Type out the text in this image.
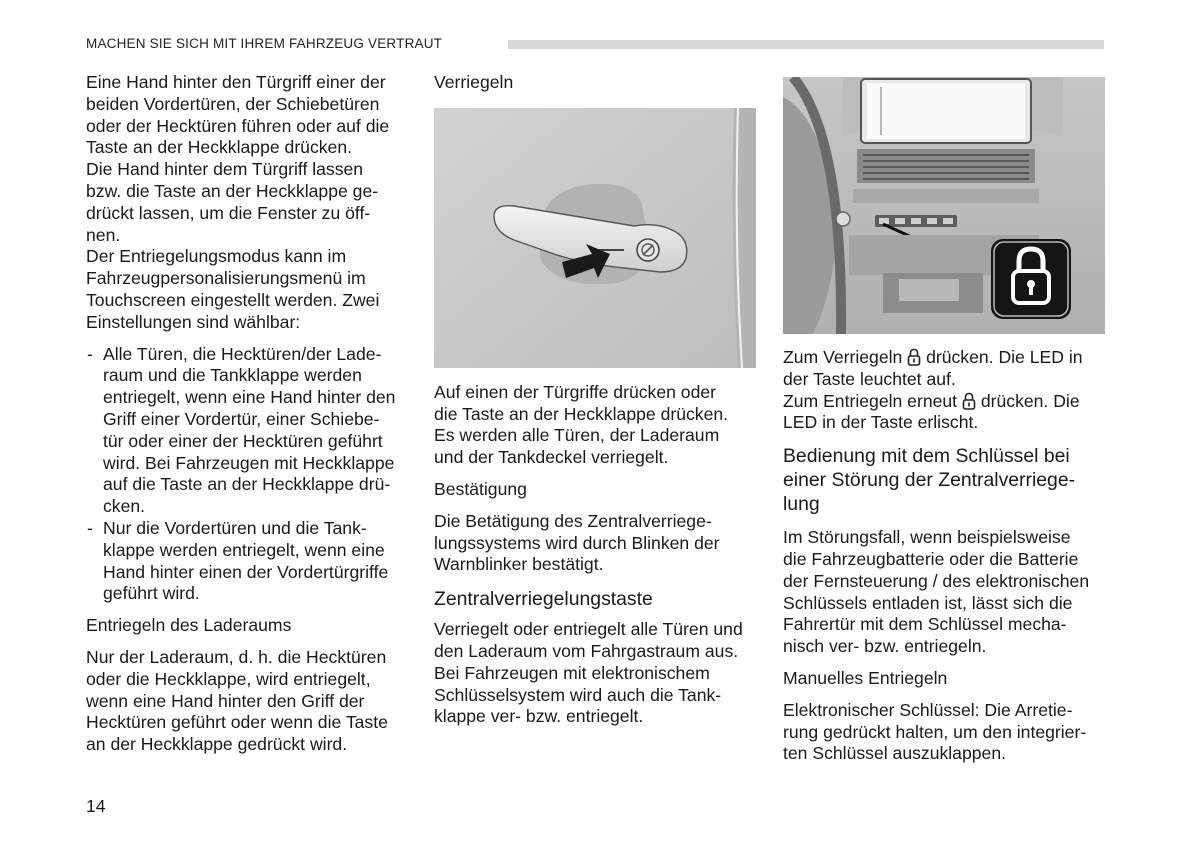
MACHEN SIE SICH MIT IHREM FAHRZEUG VERTRAUT

Eine Hand hinter den Türgriff einer der
beiden Vordertüren, der Schiebetüren
oder der Hecktüren führen oder auf die
Taste an der Heckklappe drücken.
Die Hand hinter dem Türgriff lassen
bzw. die Taste an der Heckklappe ge-
drückt lassen, um die Fenster zu öff-
nen.
Der Entriegelungsmodus kann im
Fahrzeugpersonalisierungsmenü im
Touchscreen eingestellt werden. Zwei
Einstellungen sind wählbar:

- Alle Türen, die Hecktüren/der Lade-
raum und die Tankklappe werden
entriegelt, wenn eine Hand hinter den
Griff einer Vordertür, einer Schiebe-
tür oder einer der Hecktüren geführt
wird. Bei Fahrzeugen mit Heckklappe
auf die Taste an der Heckklappe drü-
cken.
- Nur die Vordertüren und die Tank-
klappe werden entriegelt, wenn eine
Hand hinter einen der Vordertürgriffe
geführt wird.

Entriegeln des Laderaums

Nur der Laderaum, d. h. die Hecktüren
oder die Heckklappe, wird entriegelt,
wenn eine Hand hinter den Griff der
Hecktüren geführt oder wenn die Taste
an der Heckklappe gedrückt wird.

Verriegeln

Auf einen der Türgriffe drücken oder
die Taste an der Heckklappe drücken.
Es werden alle Türen, der Laderaum
und der Tankdeckel verriegelt.

Bestätigung

Die Betätigung des Zentralverriege-
lungssystems wird durch Blinken der
Warnblinker bestätigt.

Zentralverriegelungstaste

Verriegelt oder entriegelt alle Türen und
den Laderaum vom Fahrgastraum aus.
Bei Fahrzeugen mit elektronischem
Schlüsselsystem wird auch die Tank-
klappe ver- bzw. entriegelt.

Zum Verriegeln  drücken. Die LED in

der Taste leuchtet auf.

Zum Entriegeln erneut  drücken. Die

LED in der Taste erlischt.

Bedienung mit dem Schlüssel bei
einer Störung der Zentralverriege-
lung

Im Störungsfall, wenn beispielsweise
die Fahrzeugbatterie oder die Batterie
der Fernsteuerung / des elektronischen
Schlüssels entladen ist, lässt sich die
Fahrertür mit dem Schlüssel mecha-
nisch ver- bzw. entriegeln.

Manuelles Entriegeln

Elektronischer Schlüssel: Die Arretie-
rung gedrückt halten, um den integrier-
ten Schlüssel auszuklappen.

14
